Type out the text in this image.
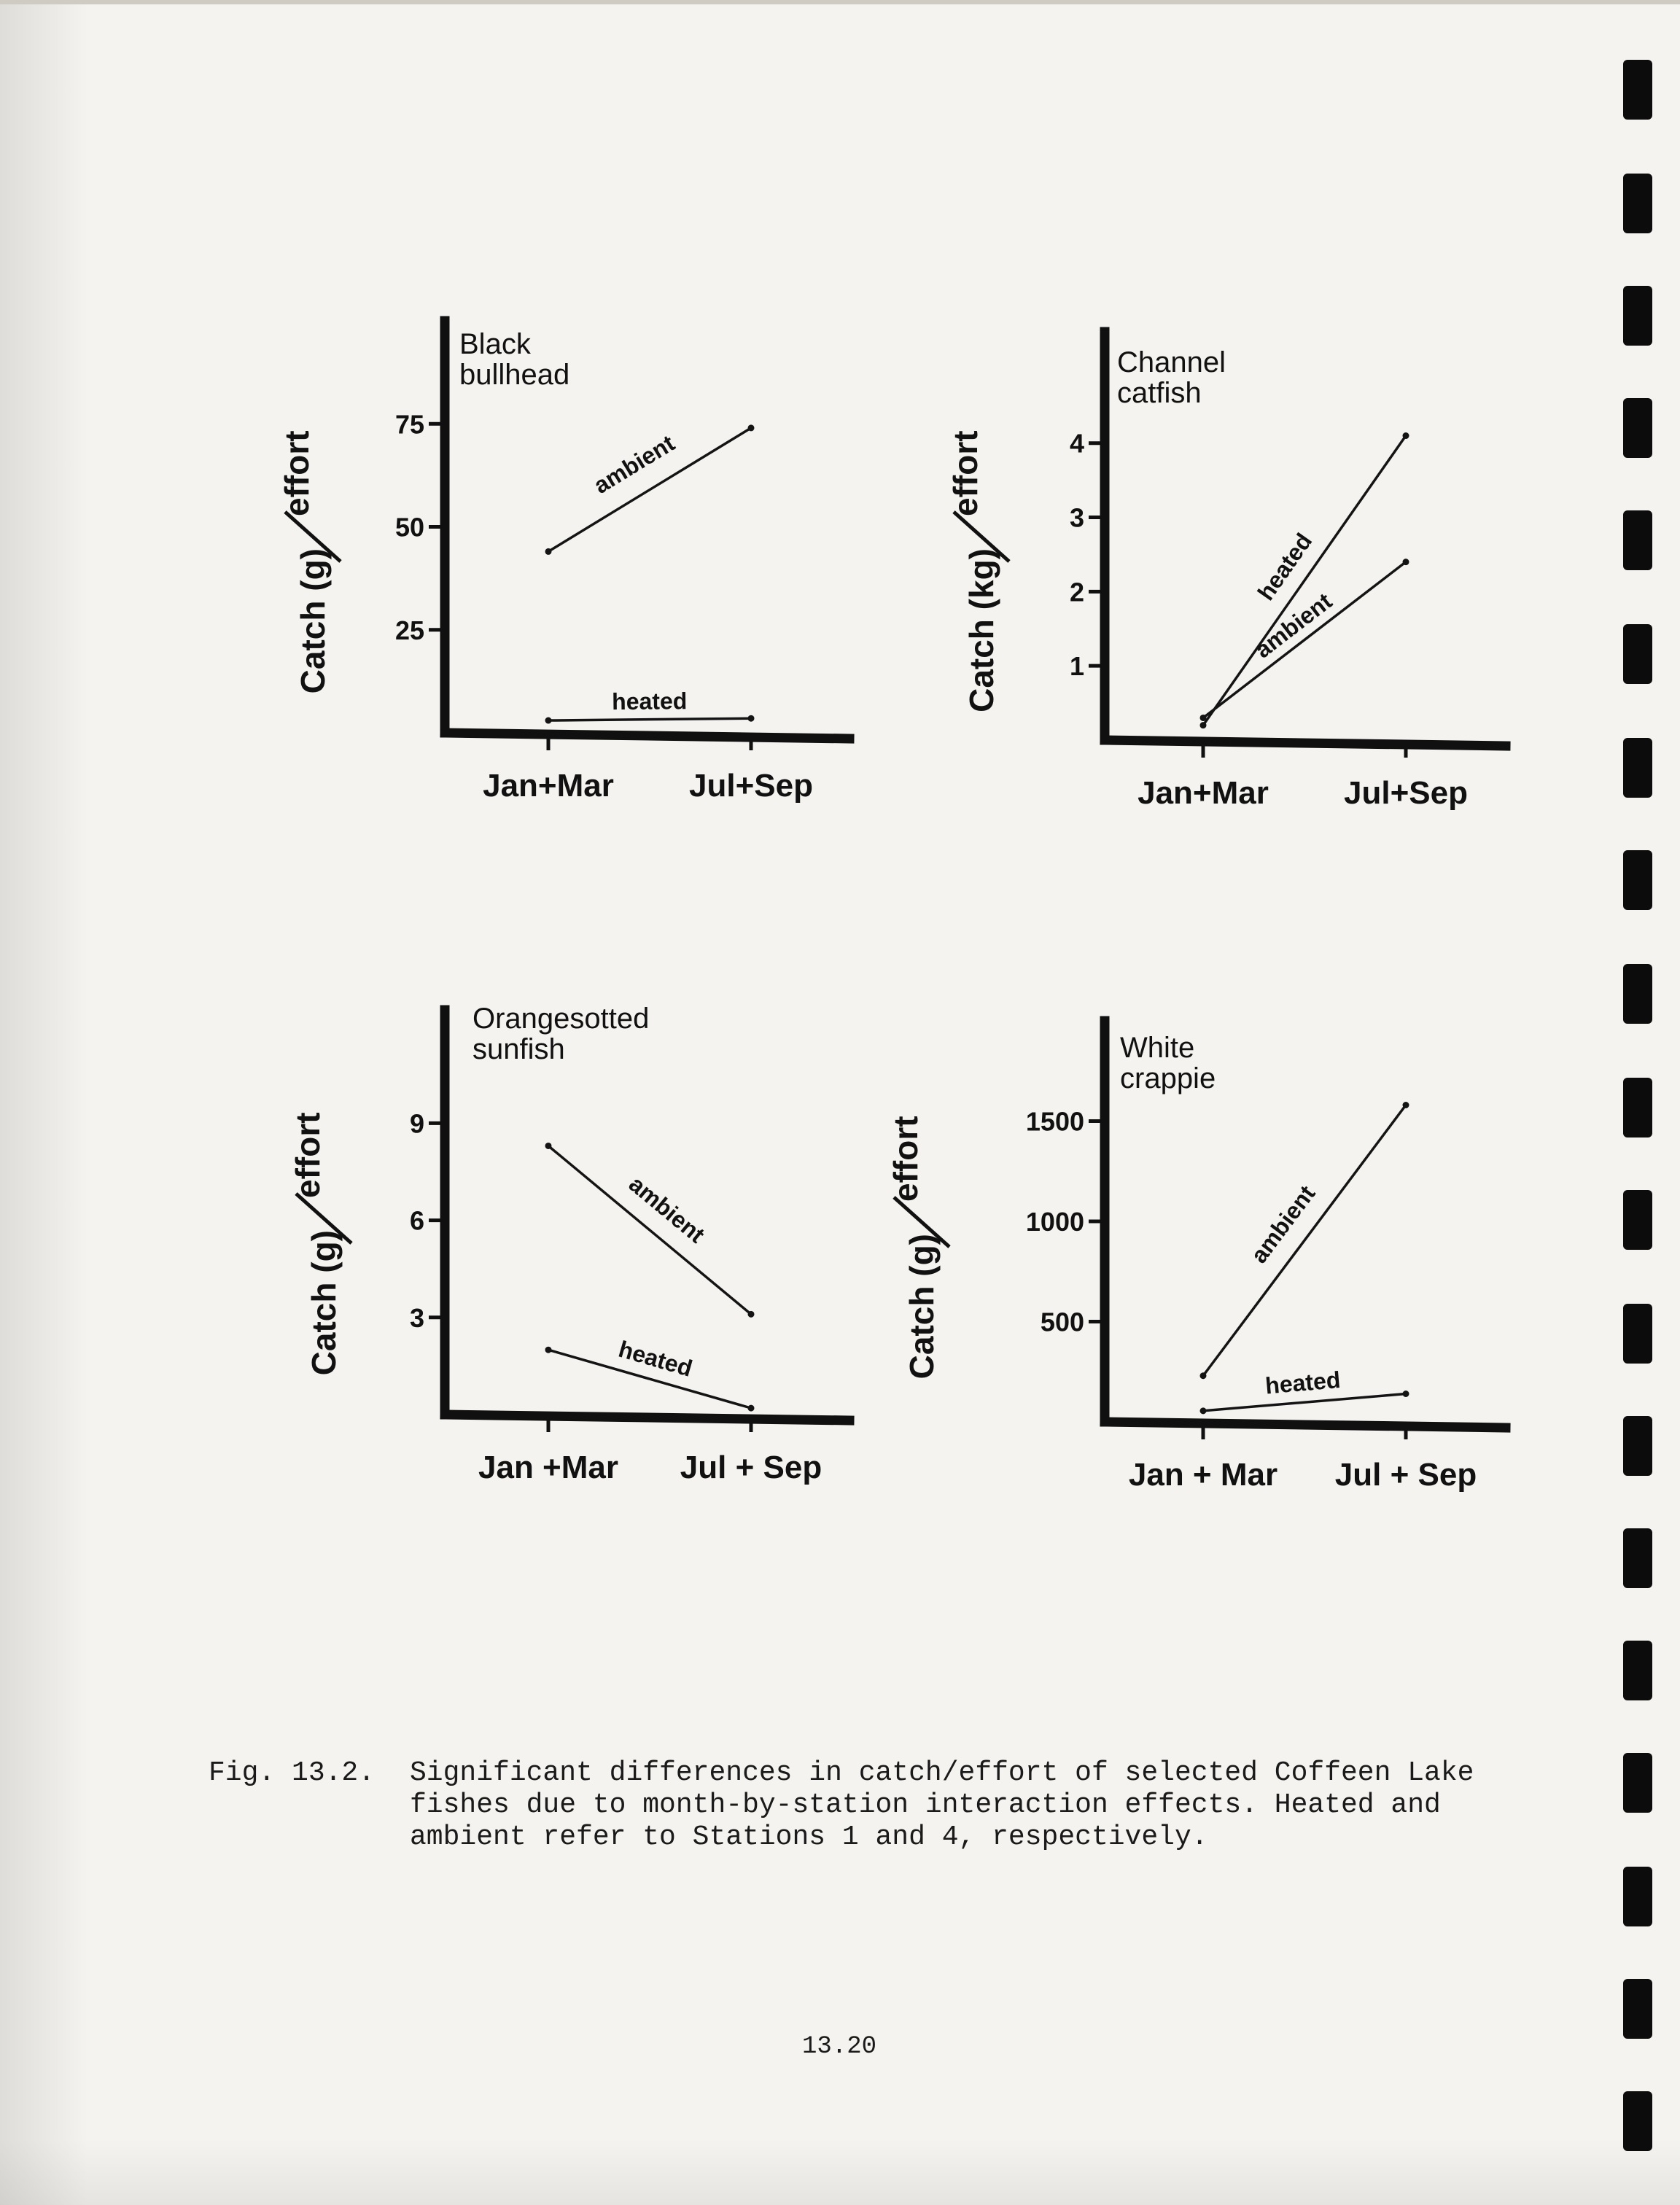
25
50
75
Jan+Mar Jul+Sep
Catch (g)
effort
Black
bullhead
ambient
heated
1
2
3
4
Jan+Mar Jul+Sep
Catch (kg)
effort
Channel
catfish
heated
ambient
3
6
9
Jan +Mar Jul + Sep
Catch (g)
effort
Orangesotted
sunfish
ambient
heated
500
1000
1500
Jan + Mar Jul + Sep
Catch (g)
effort
White
crappie
ambient
heated
Fig. 13.2. Significant differences in catch/effort of selected Coffeen Lake fishes due to month-by-station interaction effects. Heated and ambient refer to Stations 1 and 4, respectively.
13.20
